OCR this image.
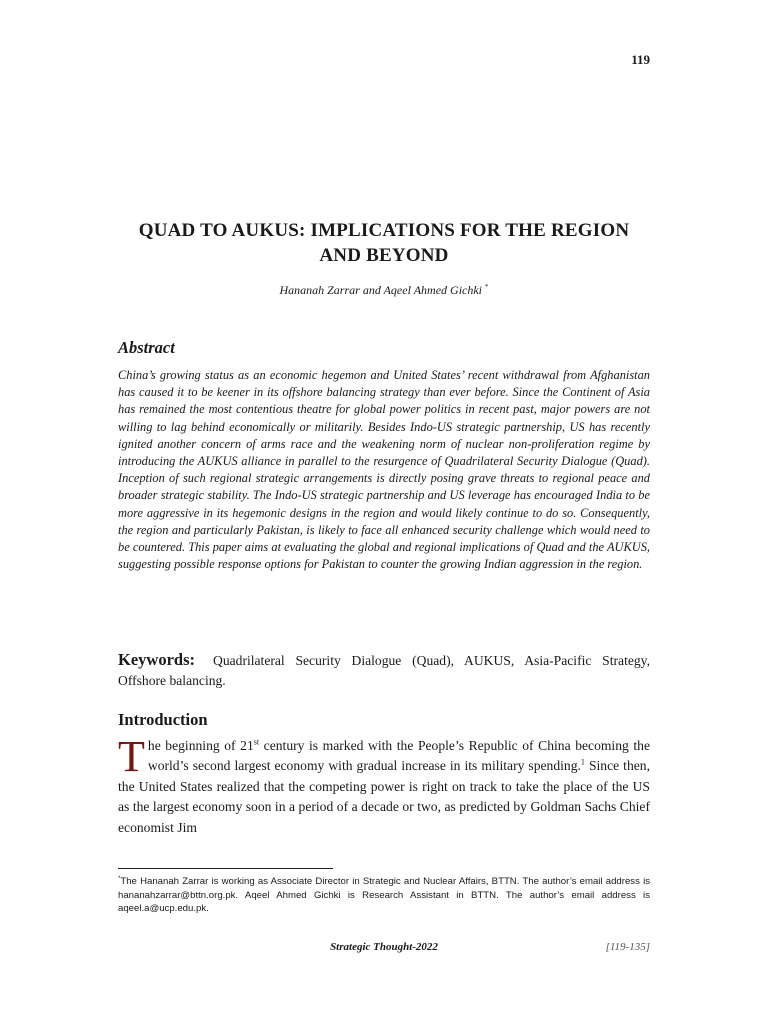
119
QUAD TO AUKUS: IMPLICATIONS FOR THE REGION AND BEYOND
Hananah Zarrar and Aqeel Ahmed Gichki *
Abstract

China’s growing status as an economic hegemon and United States’ recent withdrawal from Afghanistan has caused it to be keener in its offshore balancing strategy than ever before. Since the Continent of Asia has remained the most contentious theatre for global power politics in recent past, major powers are not willing to lag behind economically or militarily. Besides Indo-US strategic partnership, US has recently ignited another concern of arms race and the weakening norm of nuclear non-proliferation regime by introducing the AUKUS alliance in parallel to the resurgence of Quadrilateral Security Dialogue (Quad). Inception of such regional strategic arrangements is directly posing grave threats to regional peace and broader strategic stability. The Indo-US strategic partnership and US leverage has encouraged India to be more aggressive in its hegemonic designs in the region and would likely continue to do so. Consequently, the region and particularly Pakistan, is likely to face all enhanced security challenge which would need to be countered. This paper aims at evaluating the global and regional implications of Quad and the AUKUS, suggesting possible response options for Pakistan to counter the growing Indian aggression in the region.

Keywords: Quadrilateral Security Dialogue (Quad), AUKUS, Asia-Pacific Strategy, Offshore balancing.

Introduction

The beginning of 21st century is marked with the People’s Republic of China becoming the world’s second largest economy with gradual increase in its military spending.$^1$ Since then, the United States realized that the competing power is right on track to take the place of the US as the largest economy soon in a period of a decade or two, as predicted by Goldman Sachs Chief economist Jim

*The Hananah Zarrar is working as Associate Director in Strategic and Nuclear Affairs, BTTN. The author’s email address is hananahzarrar@bttn.org.pk. Aqeel Ahmed Gichki is Research Assistant in BTTN. The author’s email address is aqeel.a@ucp.edu.pk.

Strategic Thought-2022	[119-135]
